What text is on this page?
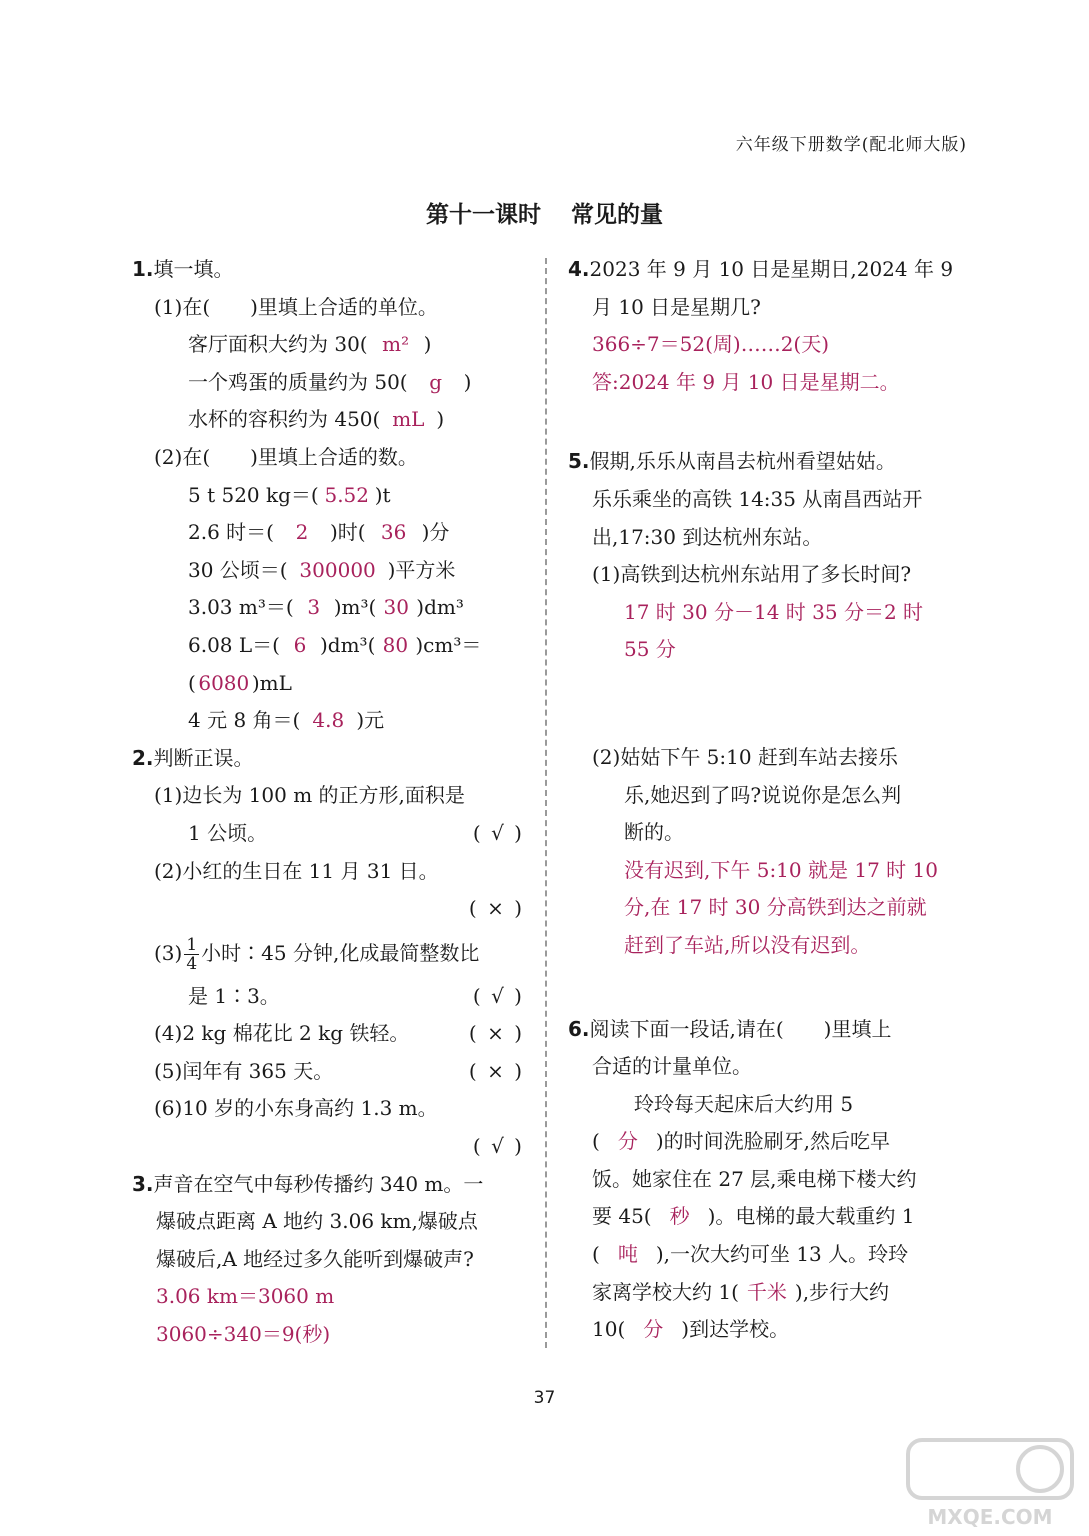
六年级下册数学(配北师大版)
第十一课时 常见的量
1.填一填。
(1)在(　　)里填上合适的单位。
客厅面积大约为 30( m² )
一个鸡蛋的质量约为 50( g )
水杯的容积约为 450( mL )
(2)在(　　)里填上合适的数。
5 t 520 kg＝( 5.52 )t
2.6 时＝( 2 )时( 36 )分
30 公顷＝( 300000 )平方米
3.03 m³＝( 3 )m³( 30 )dm³
6.08 L＝( 6 )dm³( 80 )cm³＝
( 6080 )mL
4 元 8 角＝( 4.8 )元
2.判断正误。
(1)边长为 100 m 的正方形,面积是
1 公顷。	( √ )
(2)小红的生日在 11 月 31 日。
( × )
$(3) \frac{1}{4}$ 小时∶45 分钟,化成最简整数比
是 1∶3。	( √ )
(4)2 kg 棉花比 2 kg 铁轻。	( × )
(5)闰年有 365 天。	( × )
(6)10 岁的小东身高约 1.3 m。
( √ )
3.声音在空气中每秒传播约 340 m。一
爆破点距离 A 地约 3.06 km,爆破点
爆破后,A 地经过多久能听到爆破声?
3.06 km＝3060 m
3060÷340＝9(秒)
4.2023 年 9 月 10 日是星期日,2024 年 9
月 10 日是星期几?
366÷7＝52(周)……2(天)
答:2024 年 9 月 10 日是星期二。
5.假期,乐乐从南昌去杭州看望姑姑。
乐乐乘坐的高铁 14:35 从南昌西站开
出,17:30 到达杭州东站。
(1)高铁到达杭州东站用了多长时间?
17 时 30 分－14 时 35 分＝2 时
55 分
(2)姑姑下午 5:10 赶到车站去接乐
乐,她迟到了吗?说说你是怎么判
断的。
没有迟到,下午 5:10 就是 17 时 10
分,在 17 时 30 分高铁到达之前就
赶到了车站,所以没有迟到。
6.阅读下面一段话,请在(　　)里填上
合适的计量单位。
玲玲每天起床后大约用 5
( 分 )的时间洗脸刷牙,然后吃早
饭。她家住在 27 层,乘电梯下楼大约
要 45( 秒 )。电梯的最大载重约 1
( 吨 ),一次大约可坐 13 人。玲玲
家离学校大约 1( 千米 ),步行大约
10( 分 )到达学校。
37
MXQE.COM
